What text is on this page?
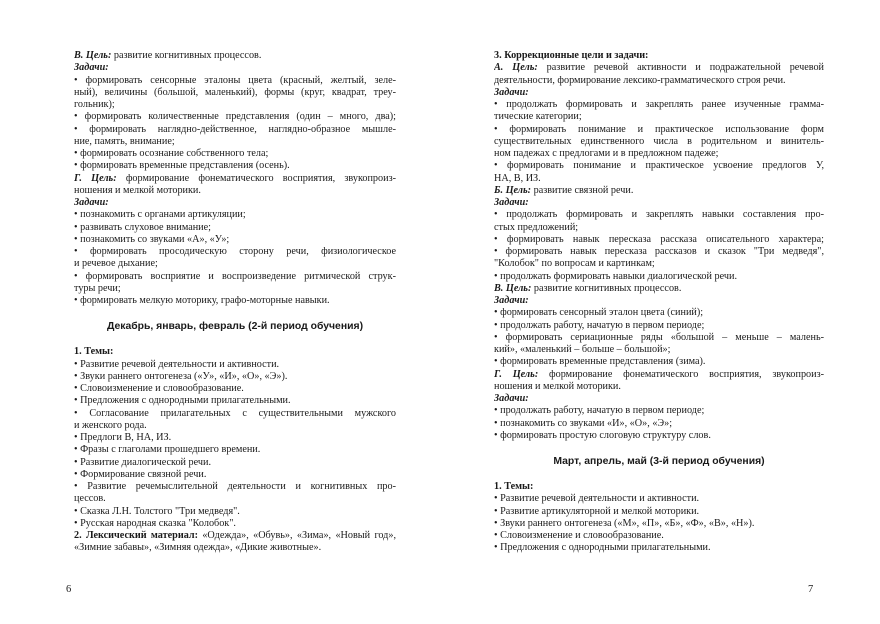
В. Цель: развитие когнитивных процессов.
Задачи:
• формировать сенсорные эталоны цвета (красный, желтый, зеле-
ный), величины (большой, маленький), формы (круг, квадрат, треу-
гольник);
• формировать количественные представления (один – много, два);
• формировать наглядно-действенное, наглядно-образное мышле-
ние, память, внимание;
• формировать осознание собственного тела;
• формировать временные представления (осень).
Г. Цель: формирование фонематического восприятия, звукопроиз-
ношения и мелкой моторики.
Задачи:
• познакомить с органами артикуляции;
• развивать слуховое внимание;
• познакомить со звуками «А», «У»;
• формировать просодическую сторону речи, физиологическое
и речевое дыхание;
• формировать восприятие и воспроизведение ритмической струк-
туры речи;
• формировать мелкую моторику, графо-моторные навыки.
Декабрь, январь, февраль (2-й период обучения)
1. Темы:
• Развитие речевой деятельности и активности.
• Звуки раннего онтогенеза («У», «И», «О», «Э»).
• Словоизменение и словообразование.
• Предложения с однородными прилагательными.
• Согласование прилагательных с существительными мужского
и женского рода.
• Предлоги В, НА, ИЗ.
• Фразы с глаголами прошедшего времени.
• Развитие диалогической речи.
• Формирование связной речи.
• Развитие речемыслительной деятельности и когнитивных про-
цессов.
• Сказка Л.Н. Толстого "Три медведя".
• Русская народная сказка "Колобок".
2. Лексический материал: «Одежда», «Обувь», «Зима», «Новый год»,
«Зимние забавы», «Зимняя одежда», «Дикие животные».
6
3. Коррекционные цели и задачи:
А. Цель: развитие речевой активности и подражательной речевой
деятельности, формирование лексико-грамматического строя речи.
Задачи:
• продолжать формировать и закреплять ранее изученные грамма-
тические категории;
• формировать понимание и практическое использование форм
существительных единственного числа в родительном и винитель-
ном падежах с предлогами и в предложном падеже;
• формировать понимание и практическое усвоение предлогов У,
НА, В, ИЗ.
Б. Цель: развитие связной речи.
Задачи:
• продолжать формировать и закреплять навыки составления про-
стых предложений;
• формировать навык пересказа рассказа описательного характера;
• формировать навык пересказа рассказов и сказок "Три медведя",
"Колобок" по вопросам и картинкам;
• продолжать формировать навыки диалогической речи.
В. Цель: развитие когнитивных процессов.
Задачи:
• формировать сенсорный эталон цвета (синий);
• продолжать работу, начатую в первом периоде;
• формировать сериационные ряды «большой – меньше – малень-
кий», «маленький – больше – большой»;
• формировать временные представления (зима).
Г. Цель: формирование фонематического восприятия, звукопроиз-
ношения и мелкой моторики.
Задачи:
• продолжать работу, начатую в первом периоде;
• познакомить со звуками «И», «О», «Э»;
• формировать простую слоговую структуру слов.
Март, апрель, май (3-й период обучения)
1. Темы:
• Развитие речевой деятельности и активности.
• Развитие артикуляторной и мелкой моторики.
• Звуки раннего онтогенеза («М», «П», «Б», «Ф», «В», «Н»).
• Словоизменение и словообразование.
• Предложения с однородными прилагательными.
7
